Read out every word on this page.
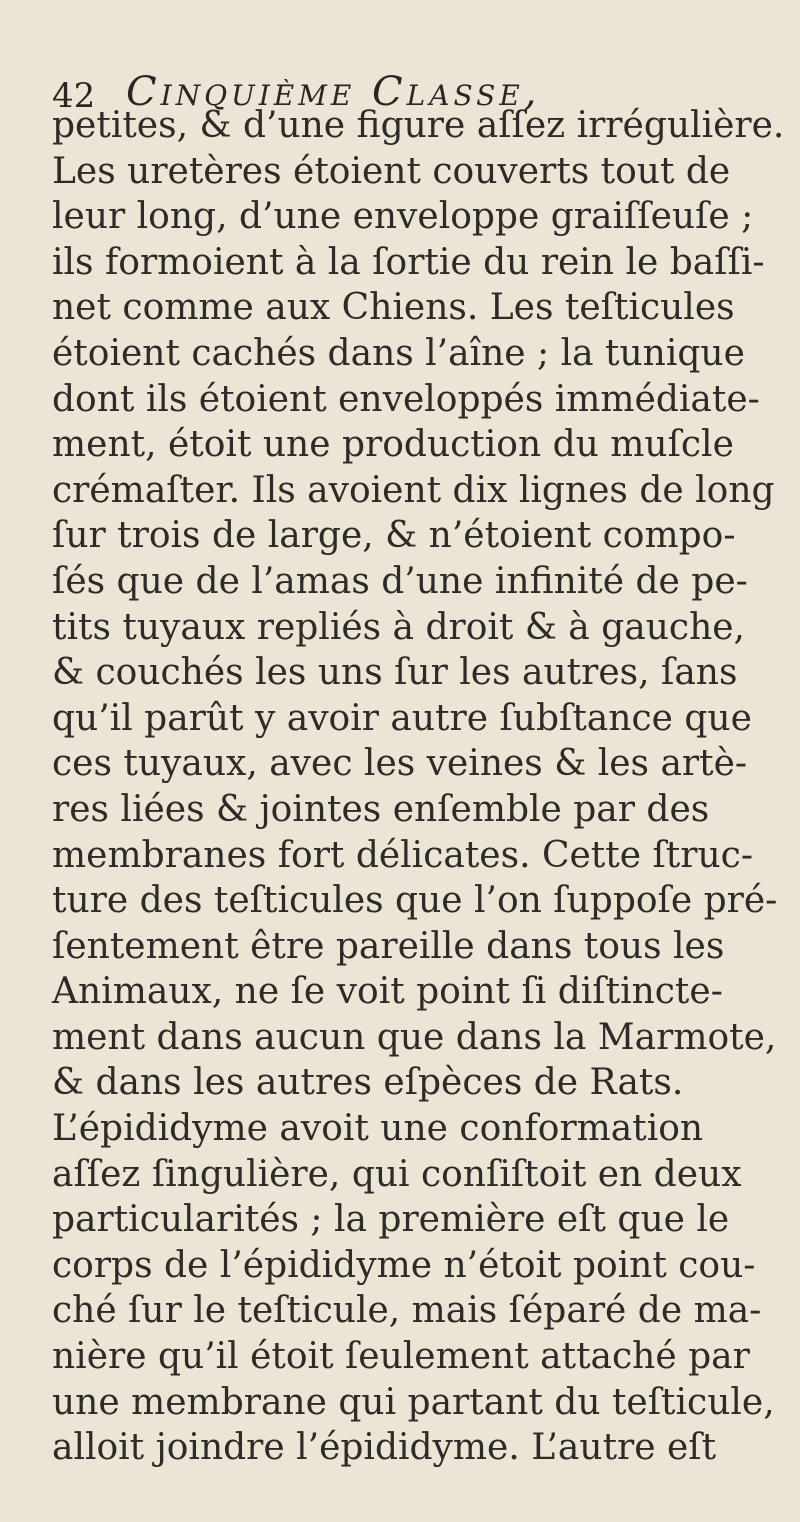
42 Cinquième Classe,
petites, & d’une figure aſſez irrégulière.
Les uretères étoient couverts tout de
leur long, d’une enveloppe graiſſeuſe ;
ils formoient à la ſortie du rein le baſſi-
net comme aux Chiens. Les teſticules
étoient cachés dans l’aîne ; la tunique
dont ils étoient enveloppés immédiate-
ment, étoit une production du muſcle
crémaſter. Ils avoient dix lignes de long
ſur trois de large, & n’étoient compo-
ſés que de l’amas d’une infinité de pe-
tits tuyaux repliés à droit & à gauche,
& couchés les uns ſur les autres, ſans
qu’il parût y avoir autre ſubſtance que
ces tuyaux, avec les veines & les artè-
res liées & jointes enſemble par des
membranes fort délicates. Cette ſtruc-
ture des teſticules que l’on ſuppoſe pré-
ſentement être pareille dans tous les
Animaux, ne ſe voit point ſi diſtincte-
ment dans aucun que dans la Marmote,
& dans les autres eſpèces de Rats.
L’épididyme avoit une conformation
aſſez ſingulière, qui conſiſtoit en deux
particularités ; la première eſt que le
corps de l’épididyme n’étoit point cou-
ché ſur le teſticule, mais ſéparé de ma-
nière qu’il étoit ſeulement attaché par
une membrane qui partant du teſticule,
alloit joindre l’épididyme. L’autre eſt
